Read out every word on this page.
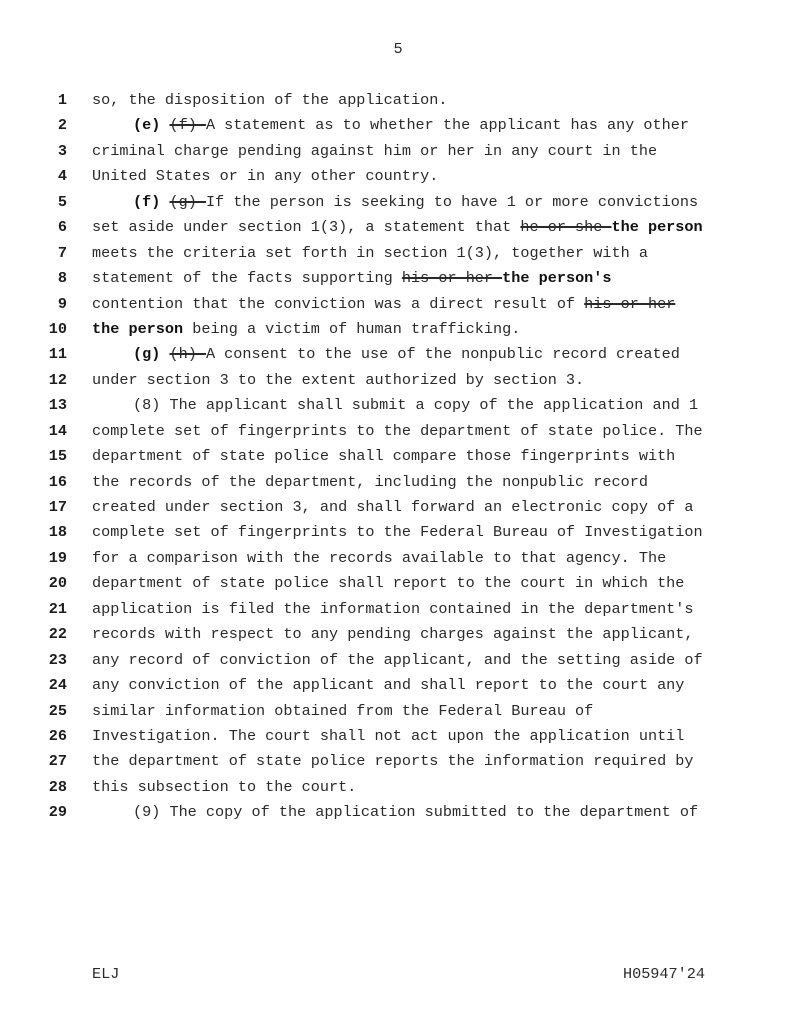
5
1 so, the disposition of the application.
2	(e) (f) A statement as to whether the applicant has any other
3 criminal charge pending against him or her in any court in the
4 United States or in any other country.
5	(f) (g) If the person is seeking to have 1 or more convictions
6 set aside under section 1(3), a statement that he or she the person
7 meets the criteria set forth in section 1(3), together with a
8 statement of the facts supporting his or her the person's
9 contention that the conviction was a direct result of his or her
10 the person being a victim of human trafficking.
11	(g) (h) A consent to the use of the nonpublic record created
12 under section 3 to the extent authorized by section 3.
13	(8) The applicant shall submit a copy of the application and 1
14 complete set of fingerprints to the department of state police. The
15 department of state police shall compare those fingerprints with
16 the records of the department, including the nonpublic record
17 created under section 3, and shall forward an electronic copy of a
18 complete set of fingerprints to the Federal Bureau of Investigation
19 for a comparison with the records available to that agency. The
20 department of state police shall report to the court in which the
21 application is filed the information contained in the department's
22 records with respect to any pending charges against the applicant,
23 any record of conviction of the applicant, and the setting aside of
24 any conviction of the applicant and shall report to the court any
25 similar information obtained from the Federal Bureau of
26 Investigation. The court shall not act upon the application until
27 the department of state police reports the information required by
28 this subsection to the court.
29	(9) The copy of the application submitted to the department of
ELJ	H05947'24
